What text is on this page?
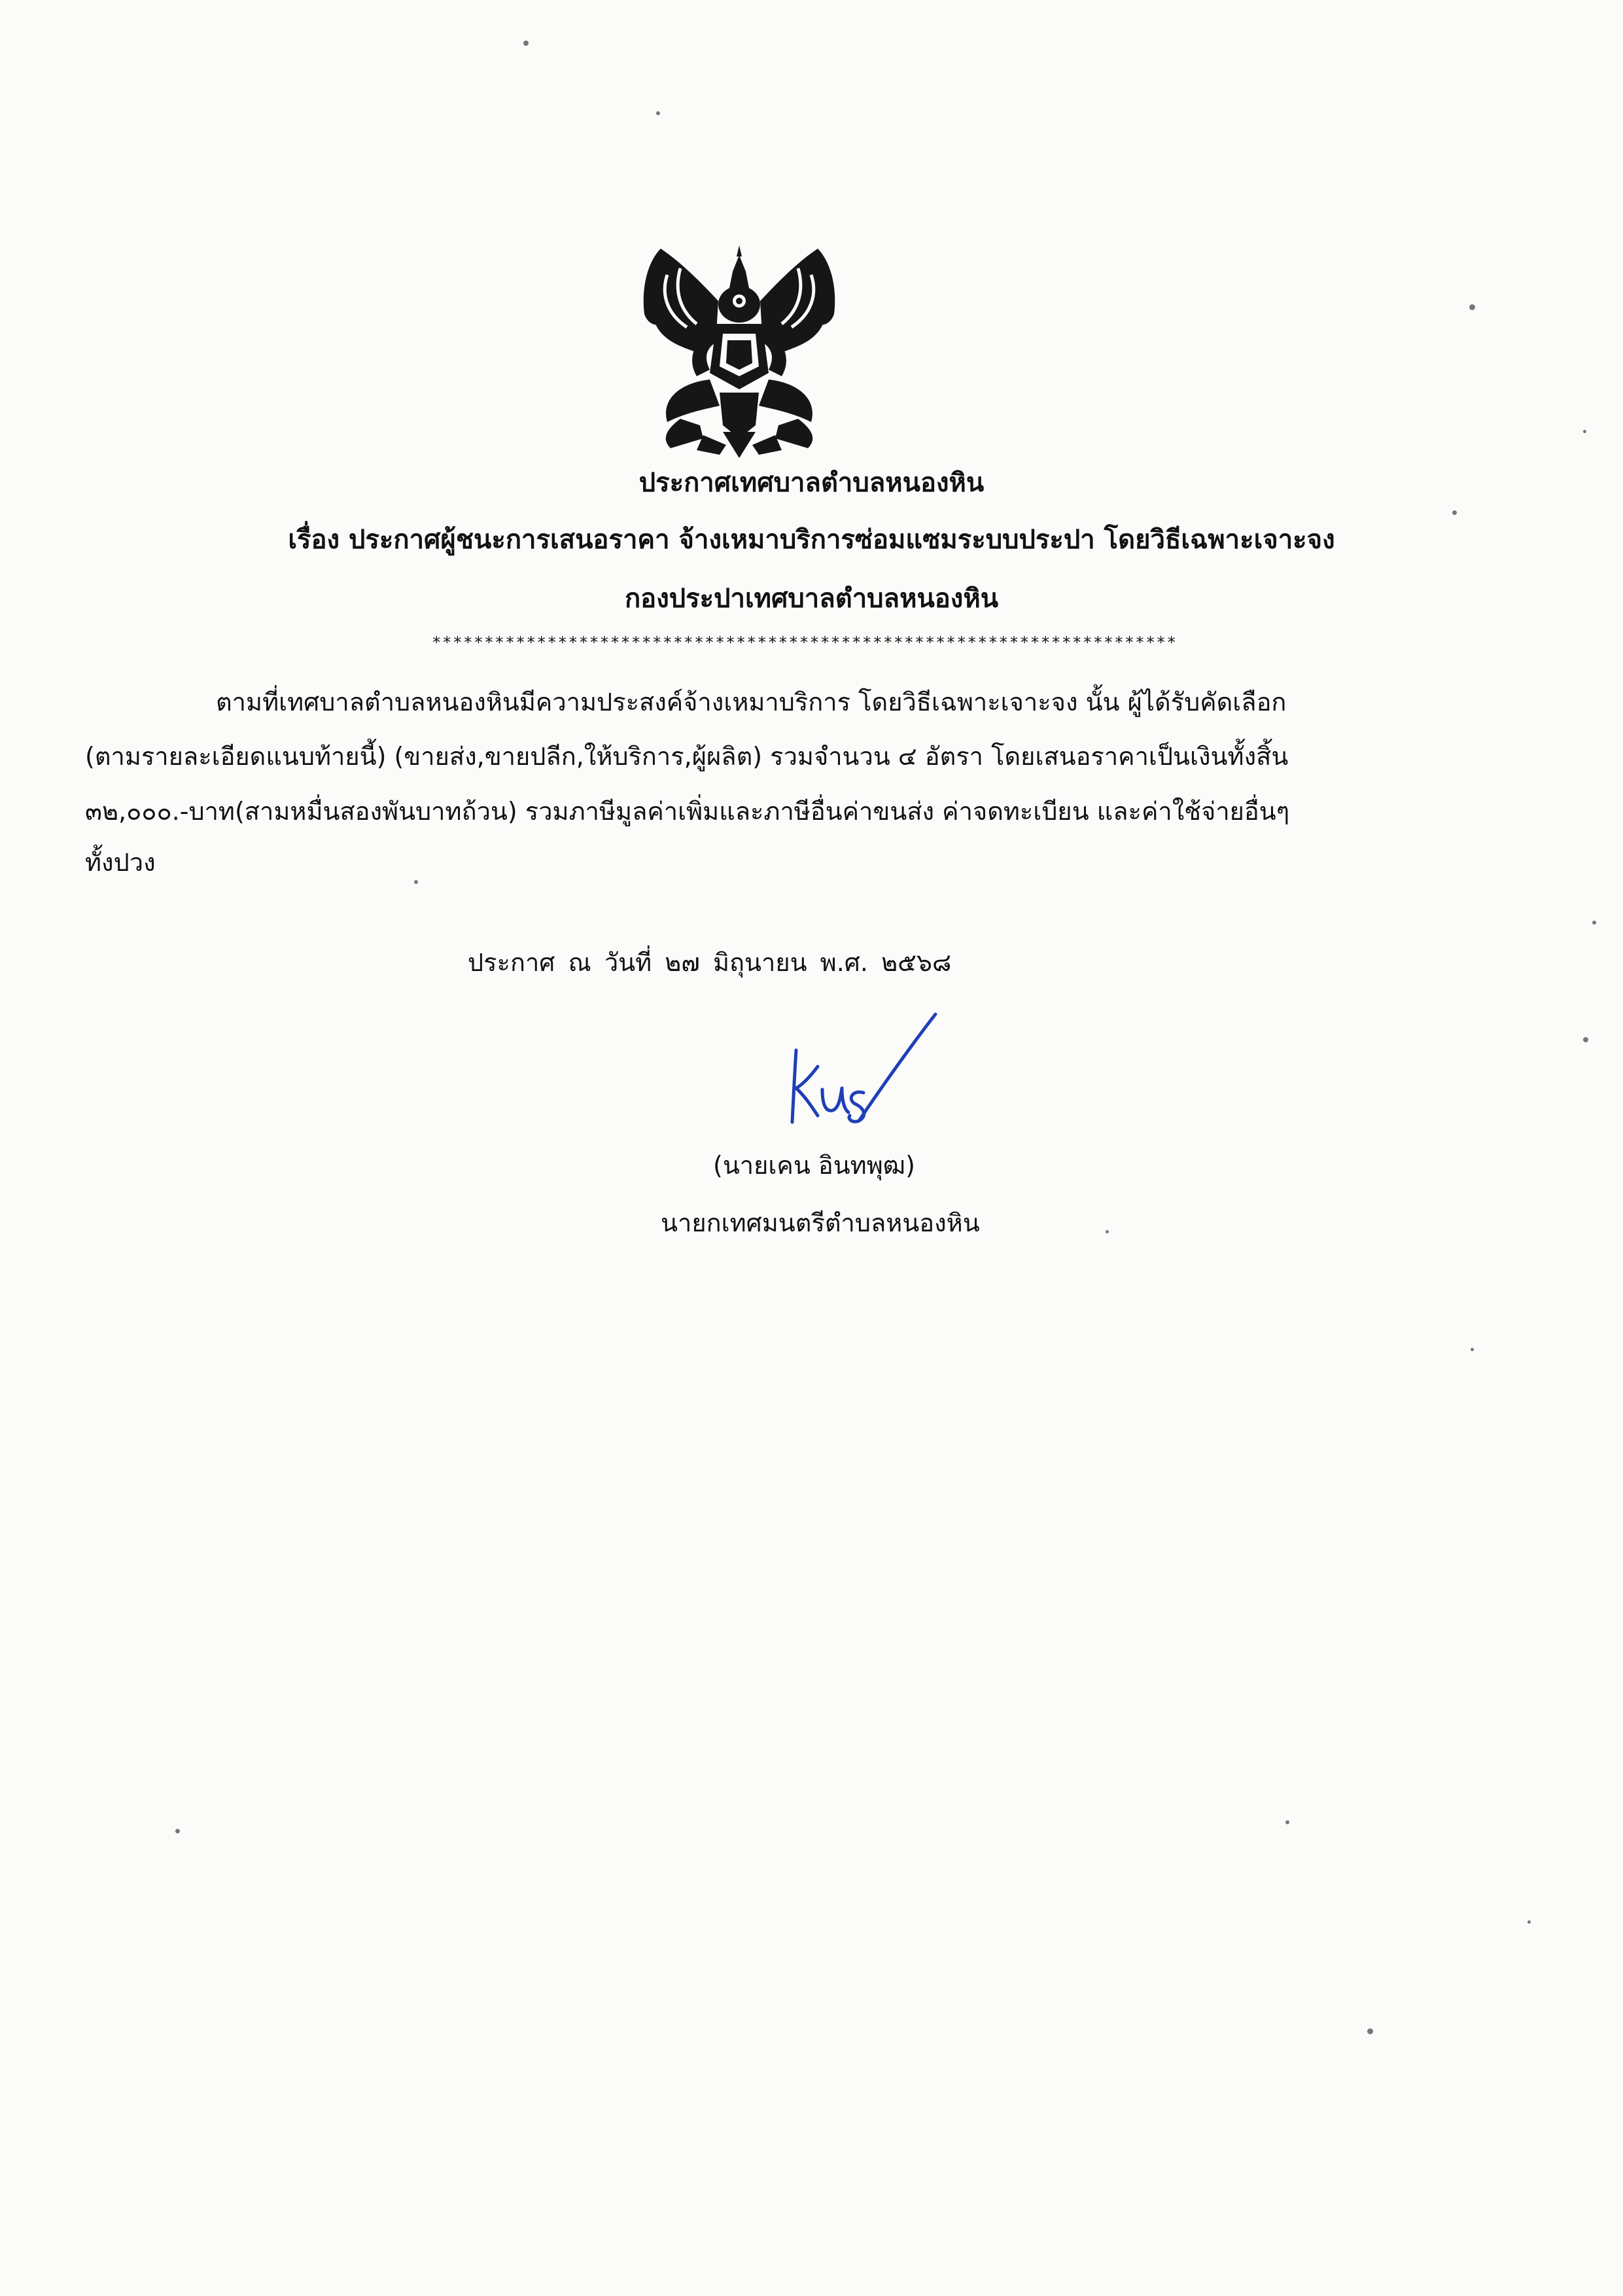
ประกาศเทศบาลตำบลหนองหิน
เรื่อง ประกาศผู้ชนะการเสนอราคา จ้างเหมาบริการซ่อมแซมระบบประปา โดยวิธีเฉพาะเจาะจง
กองประปาเทศบาลตำบลหนองหิน
***********************************************************************
ตามที่เทศบาลตำบลหนองหินมีความประสงค์จ้างเหมาบริการ โดยวิธีเฉพาะเจาะจง นั้น ผู้ได้รับคัดเลือก
(ตามรายละเอียดแนบท้ายนี้) (ขายส่ง,ขายปลีก,ให้บริการ,ผู้ผลิต) รวมจำนวน ๔ อัตรา โดยเสนอราคาเป็นเงินทั้งสิ้น
๓๒,๐๐๐.-บาท(สามหมื่นสองพันบาทถ้วน) รวมภาษีมูลค่าเพิ่มและภาษีอื่นค่าขนส่ง ค่าจดทะเบียน และค่าใช้จ่ายอื่นๆ
ทั้งปวง
ประกาศ ณ วันที่ ๒๗ มิถุนายน พ.ศ. ๒๕๖๘
(นายเคน อินทพุฒ)
นายกเทศมนตรีตำบลหนองหิน
